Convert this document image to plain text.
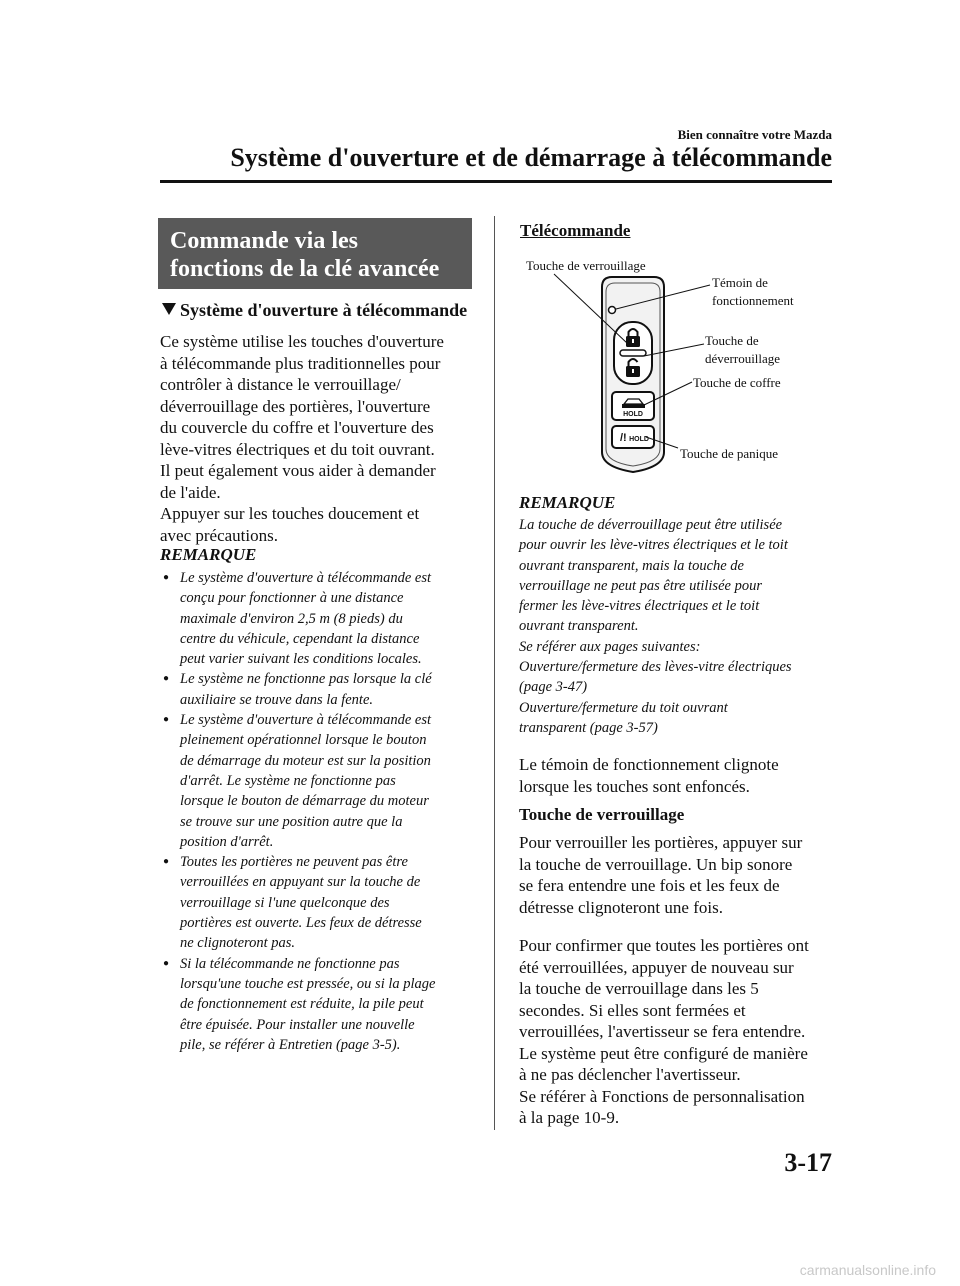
Bien connaître votre Mazda
Système d'ouverture et de démarrage à télécommande
Commande via les
fonctions de la clé avancée
Système d'ouverture à télécommande
Ce système utilise les touches d'ouverture
à télécommande plus traditionnelles pour
contrôler à distance le verrouillage/
déverrouillage des portières, l'ouverture
du couvercle du coffre et l'ouverture des
lève-vitres électriques et du toit ouvrant.
Il peut également vous aider à demander
de l'aide.
Appuyer sur les touches doucement et
avec précautions.
REMARQUE
● Le système d'ouverture à télécommande est
conçu pour fonctionner à une distance
maximale d'environ 2,5 m (8 pieds) du
centre du véhicule, cependant la distance
peut varier suivant les conditions locales.
● Le système ne fonctionne pas lorsque la clé
auxiliaire se trouve dans la fente.
● Le système d'ouverture à télécommande est
pleinement opérationnel lorsque le bouton
de démarrage du moteur est sur la position
d'arrêt. Le système ne fonctionne pas
lorsque le bouton de démarrage du moteur
se trouve sur une position autre que la
position d'arrêt.
● Toutes les portières ne peuvent pas être
verrouillées en appuyant sur la touche de
verrouillage si l'une quelconque des
portières est ouverte. Les feux de détresse
ne clignoteront pas.
● Si la télécommande ne fonctionne pas
lorsqu'une touche est pressée, ou si la plage
de fonctionnement est réduite, la pile peut
être épuisée. Pour installer une nouvelle
pile, se référer à Entretien (page 3-5).
Télécommande
HOLD
/! HOLD
Touche de verrouillage
Témoin de
fonctionnement
Touche de
déverrouillage
Touche de coffre
Touche de panique
REMARQUE
La touche de déverrouillage peut être utilisée
pour ouvrir les lève-vitres électriques et le toit
ouvrant transparent, mais la touche de
verrouillage ne peut pas être utilisée pour
fermer les lève-vitres électriques et le toit
ouvrant transparent.
Se référer aux pages suivantes:
Ouverture/fermeture des lèves-vitre électriques
(page 3-47)
Ouverture/fermeture du toit ouvrant
transparent (page 3-57)
Le témoin de fonctionnement clignote
lorsque les touches sont enfoncés.
Touche de verrouillage
Pour verrouiller les portières, appuyer sur
la touche de verrouillage. Un bip sonore
se fera entendre une fois et les feux de
détresse clignoteront une fois.
Pour confirmer que toutes les portières ont
été verrouillées, appuyer de nouveau sur
la touche de verrouillage dans les 5
secondes. Si elles sont fermées et
verrouillées, l'avertisseur se fera entendre.
Le système peut être configuré de manière
à ne pas déclencher l'avertisseur.
Se référer à Fonctions de personnalisation
à la page 10-9.
3-17
carmanualsonline.info
